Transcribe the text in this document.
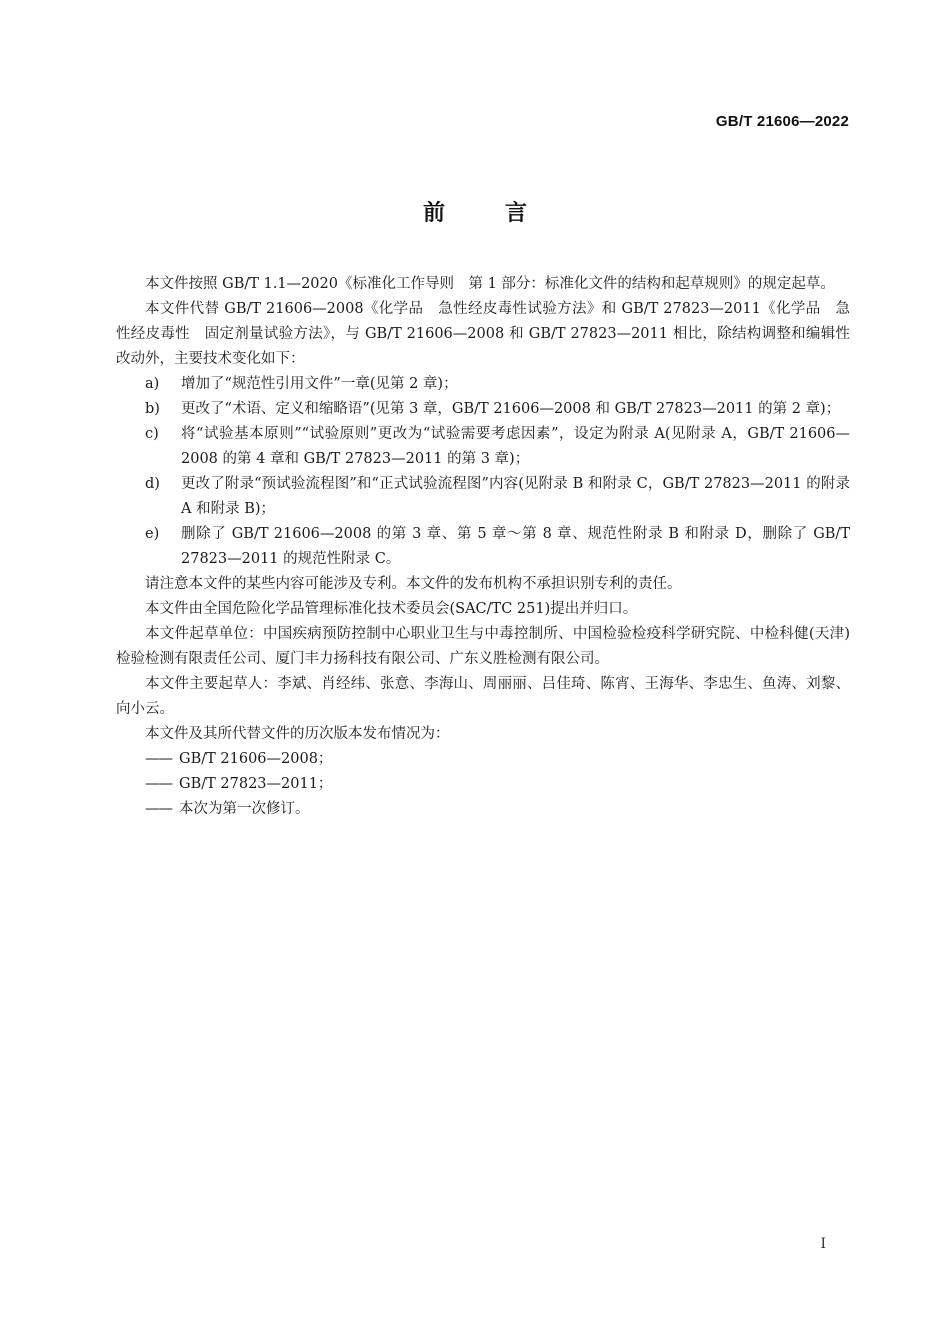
GB/T 21606—2022
前言

本文件按照 GB/T 1.1—2020《标准化工作导则　第 1 部分：标准化文件的结构和起草规则》的规定起草。

本文件代替 GB/T 21606—2008《化学品　急性经皮毒性试验方法》和 GB/T 27823—2011《化学品　急性经皮毒性　固定剂量试验方法》，与 GB/T 21606—2008 和 GB/T 27823—2011 相比，除结构调整和编辑性改动外，主要技术变化如下：

a)	增加了“规范性引用文件”一章(见第 2 章)；
b)	更改了“术语、定义和缩略语”(见第 3 章，GB/T 21606—2008 和 GB/T 27823—2011 的第 2 章)；
c)	将“试验基本原则”“试验原则”更改为“试验需要考虑因素”，设定为附录 A(见附录 A，GB/T 21606—2008 的第 4 章和 GB/T 27823—2011 的第 3 章)；
d)	更改了附录“预试验流程图”和“正式试验流程图”内容(见附录 B 和附录 C，GB/T 27823—2011 的附录 A 和附录 B)；
e)	删除了 GB/T 21606—2008 的第 3 章、第 5 章～第 8 章、规范性附录 B 和附录 D，删除了 GB/T 27823—2011 的规范性附录 C。

请注意本文件的某些内容可能涉及专利。本文件的发布机构不承担识别专利的责任。

本文件由全国危险化学品管理标准化技术委员会(SAC/TC 251)提出并归口。

本文件起草单位：中国疾病预防控制中心职业卫生与中毒控制所、中国检验检疫科学研究院、中检科健(天津)检验检测有限责任公司、厦门丰力扬科技有限公司、广东义胜检测有限公司。

本文件主要起草人：李斌、肖经纬、张意、李海山、周丽丽、吕佳琦、陈宵、王海华、李忠生、鱼涛、刘黎、向小云。

本文件及其所代替文件的历次版本发布情况为：

—— GB/T 21606—2008；

—— GB/T 27823—2011；

—— 本次为第一次修订。

I
